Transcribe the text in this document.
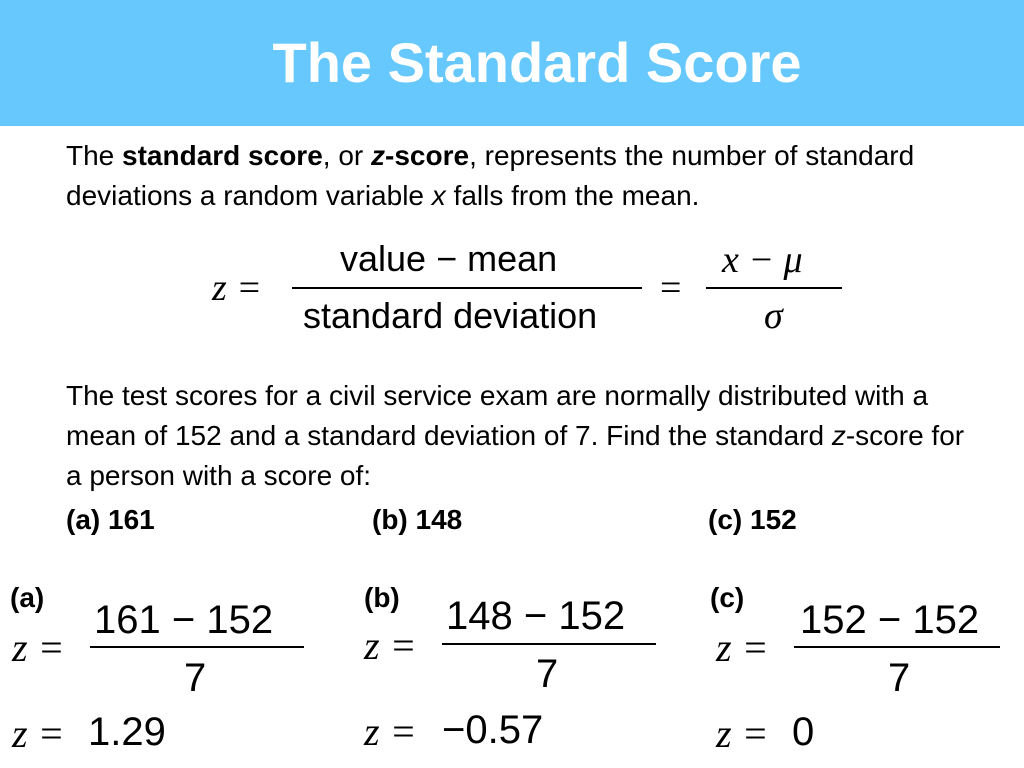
The Standard Score
The standard score, or z-score, represents the number of standard deviations a random variable x falls from the mean.
z =
value − mean
standard deviation
=
x − μ
σ
The test scores for a civil service exam are normally distributed with a mean of 152 and a standard deviation of 7. Find the standard z-score for a person with a score of:
(a) 161	(b) 148	(c) 152
(a)
z =
161 − 152
7
z = 1.29
(b)
z =
148 − 152
7
z = −0.57
(c)
z =
152 − 152
7
z = 0
